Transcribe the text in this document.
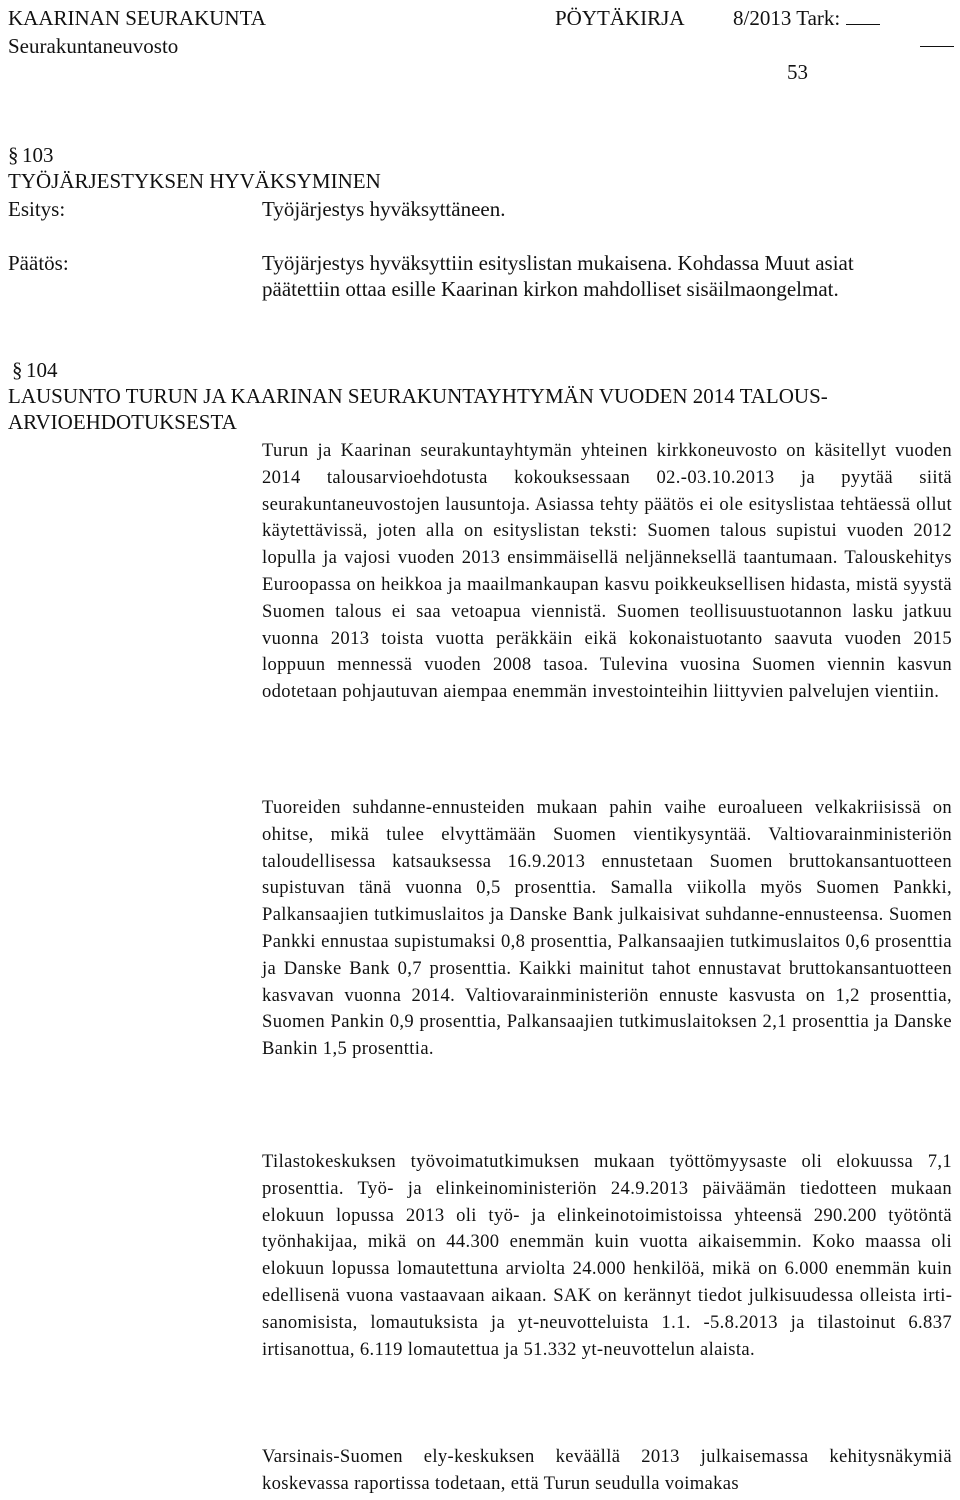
KAARINAN SEURAKUNTA	PÖYTÄKIRJA 8/2013 Tark:
Seurakuntaneuvosto
53
§ 103
TYÖJÄRJESTYKSEN HYVÄKSYMINEN
Esitys:	Työjärjestys hyväksyttäneen.
Päätös:	Työjärjestys hyväksyttiin esityslistan mukaisena. Kohdassa Muut asiat
päätettiin ottaa esille Kaarinan kirkon mahdolliset sisäilmaongelmat.
§ 104
LAUSUNTO TURUN JA KAARINAN SEURAKUNTAYHTYMÄN VUODEN 2014 TALOUS-
ARVIOEHDOTUKSESTA
Turun ja Kaarinan seurakuntayhtymän yhteinen kirkkoneuvosto on käsitellyt vuoden 2014 talousarvioehdotusta kokouksessaan 02.-03.10.2013 ja pyytää siitä seurakuntaneuvostojen lausuntoja. Asiassa tehty päätös ei ole esityslistaa tehtäessä ollut käytettävissä, joten alla on esityslistan teksti: Suomen talous supistui vuoden 2012 lopulla ja vajosi vuoden 2013 ensimmäisellä neljänneksellä taantumaan. Talouskehitys Euroopassa on heikkoa ja maailmankaupan kasvu poikkeuksellisen hidasta, mistä syystä Suomen talous ei saa vetoapua viennistä. Suomen teollisuustuotannon lasku jatkuu vuonna 2013 toista vuotta peräkkäin eikä kokonaistuotanto saavuta vuoden 2015 loppuun mennessä vuoden 2008 tasoa. Tulevina vuosina Suomen viennin kasvun odotetaan pohjautuvan aiempaa enemmän investointeihin liittyvien palvelujen vientiin.
Tuoreiden suhdanne-ennusteiden mukaan pahin vaihe euroalueen velkakriisissä on ohitse, mikä tulee elvyttämään Suomen vientikysyntää. Valtiovarainministeriön taloudellisessa katsauksessa 16.9.2013 ennustetaan Suomen bruttokansantuotteen supistuvan tänä vuonna 0,5 prosenttia. Samalla viikolla myös Suomen Pankki, Palkansaajien tutkimuslaitos ja Danske Bank julkaisivat suhdanne-ennusteensa. Suomen Pankki ennustaa supistumaksi 0,8 prosenttia, Palkansaajien tutkimuslaitos 0,6 prosenttia ja Danske Bank 0,7 prosenttia. Kaikki mainitut tahot ennustavat bruttokansantuotteen kasvavan vuonna 2014. Valtiovarainministeriön ennuste kasvusta on 1,2 prosenttia, Suomen Pankin 0,9 prosenttia, Palkansaajien tutkimuslaitoksen 2,1 prosenttia ja Danske Bankin 1,5 prosenttia.
Tilastokeskuksen työvoimatutkimuksen mukaan työttömyysaste oli elokuussa 7,1 prosenttia. Työ- ja elinkeinoministeriön 24.9.2013 päiväämän tiedotteen mukaan elokuun lopussa 2013 oli työ- ja elinkeinotoimistoissa yhteensä 290.200 työtöntä työnhakijaa, mikä on 44.300 enemmän kuin vuotta aikaisemmin. Koko maassa oli elokuun lopussa lomautettuna arviolta 24.000 henkilöä, mikä on 6.000 enemmän kuin edellisenä vuona vastaavaan aikaan. SAK on kerännyt tiedot julkisuudessa olleista irtisanomisista, lomautuksista ja yt-neuvotteluista 1.1. -5.8.2013 ja tilastoinut 6.837 irtisanottua, 6.119 lomautettua ja 51.332 yt-neuvottelun alaista.
Varsinais-Suomen ely-keskuksen keväällä 2013 julkaisemassa kehitysnäkymiä koskevassa raportissa todetaan, että Turun seudulla voimakas
